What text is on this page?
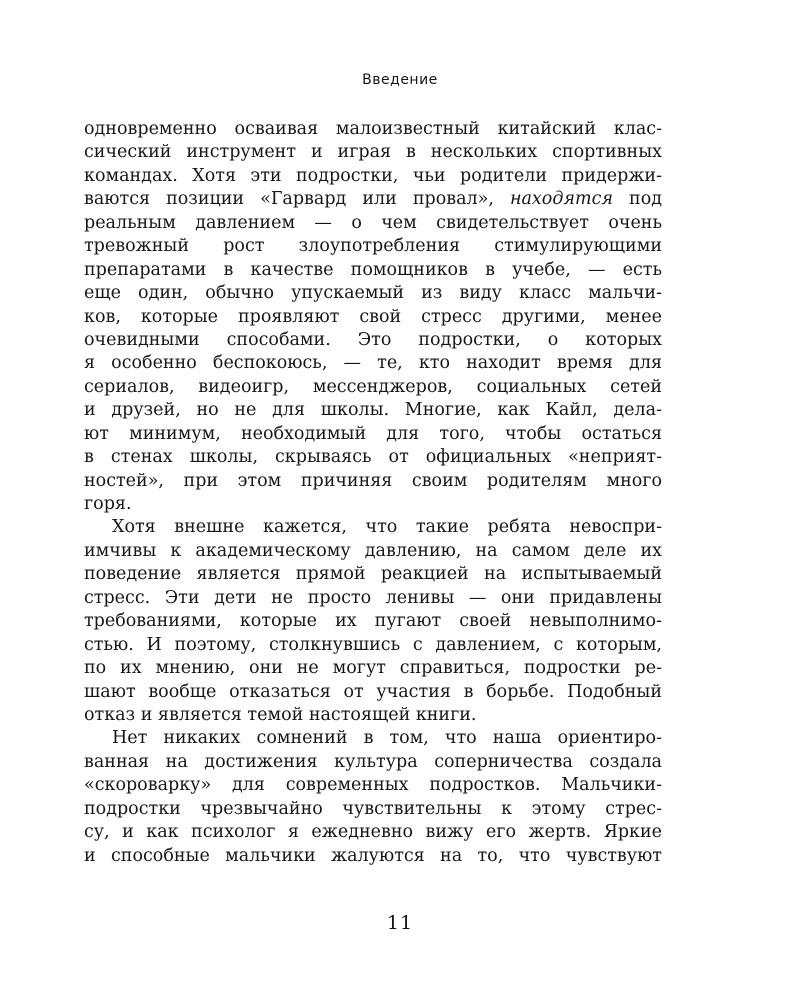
Введение
одновременно осваивая малоизвестный китайский клас-
сический инструмент и играя в нескольких спортивных
командах. Хотя эти подростки, чьи родители придержи-
ваются позиции «Гарвард или провал», находятся под
реальным давлением — о чем свидетельствует очень
тревожный рост злоупотребления стимулирующими
препаратами в качестве помощников в учебе, — есть
еще один, обычно упускаемый из виду класс мальчи-
ков, которые проявляют свой стресс другими, менее
очевидными способами. Это подростки, о которых
я особенно беспокоюсь, — те, кто находит время для
сериалов, видеоигр, мессенджеров, социальных сетей
и друзей, но не для школы. Многие, как Кайл, дела-
ют минимум, необходимый для того, чтобы остаться
в стенах школы, скрываясь от официальных «неприят-
ностей», при этом причиняя своим родителям много
горя.
Хотя внешне кажется, что такие ребята невоспри-
имчивы к академическому давлению, на самом деле их
поведение является прямой реакцией на испытываемый
стресс. Эти дети не просто ленивы — они придавлены
требованиями, которые их пугают своей невыполнимо-
стью. И поэтому, столкнувшись с давлением, с которым,
по их мнению, они не могут справиться, подростки ре-
шают вообще отказаться от участия в борьбе. Подобный
отказ и является темой настоящей книги.
Нет никаких сомнений в том, что наша ориентиро-
ванная на достижения культура соперничества создала
«скороварку» для современных подростков. Мальчики-
подростки чрезвычайно чувствительны к этому стрес-
су, и как психолог я ежедневно вижу его жертв. Яркие
и способные мальчики жалуются на то, что чувствуют
11
